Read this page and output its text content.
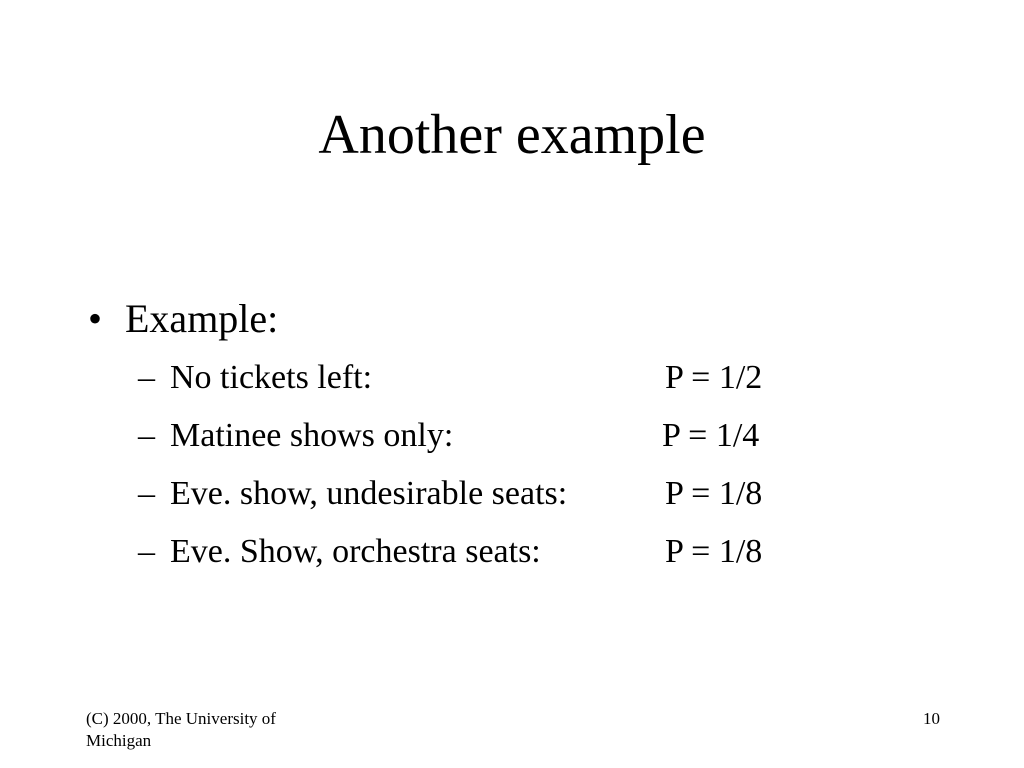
Another example
• Example:
– No tickets left:	P = 1/2
– Matinee shows only:	P = 1/4
– Eve. show, undesirable seats:	P = 1/8
– Eve. Show, orchestra seats:	P = 1/8
(C) 2000, The University of Michigan
10
